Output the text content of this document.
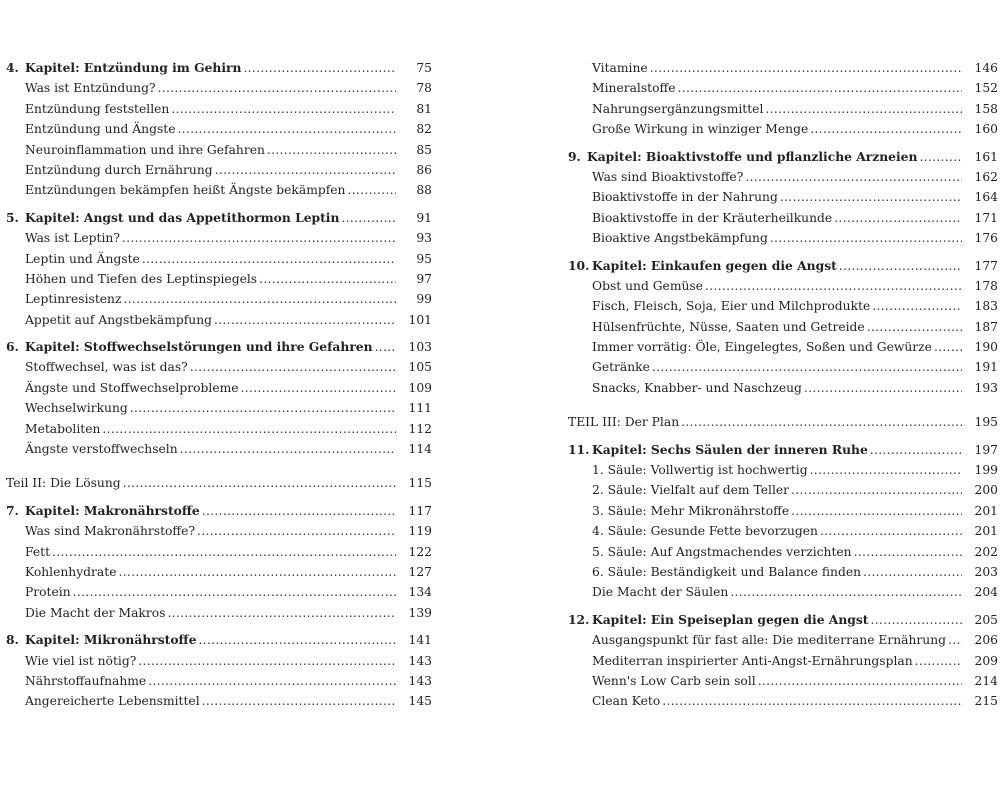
4. Kapitel: Entzündung im Gehirn . . .	75
Was ist Entzündung? . . .	78
Entzündung feststellen . . .	81
Entzündung und Ängste . . .	82
Neuroinflammation und ihre Gefahren . . .	85
Entzündung durch Ernährung . . .	86
Entzündungen bekämpfen heißt Ängste bekämpfen . . .	88
5. Kapitel: Angst und das Appetithormon Leptin . . .	91
Was ist Leptin? . . .	93
Leptin und Ängste . . .	95
Höhen und Tiefen des Leptinspiegels . . .	97
Leptinresistenz . . .	99
Appetit auf Angstbekämpfung . . .	101
6. Kapitel: Stoffwechselstörungen und ihre Gefahren . . .	103
Stoffwechsel, was ist das? . . .	105
Ängste und Stoffwechselprobleme . . .	109
Wechselwirkung . . .	111
Metaboliten . . .	112
Ängste verstoffwechseln . . .	114
Teil II: Die Lösung . . .	115
7. Kapitel: Makronährstoffe . . .	117
Was sind Makronährstoffe? . . .	119
Fett . . .	122
Kohlenhydrate . . .	127
Protein . . .	134
Die Macht der Makros . . .	139
8. Kapitel: Mikronährstoffe . . .	141
Wie viel ist nötig? . . .	143
Nährstoffaufnahme . . .	143
Angereicherte Lebensmittel . . .	145
Vitamine . . .	146
Mineralstoffe . . .	152
Nahrungsergänzungsmittel . . .	158
Große Wirkung in winziger Menge . . .	160
9. Kapitel: Bioaktivstoffe und pflanzliche Arzneien . . .	161
Was sind Bioaktivstoffe? . . .	162
Bioaktivstoffe in der Nahrung . . .	164
Bioaktivstoffe in der Kräuterheilkunde . . .	171
Bioaktive Angstbekämpfung . . .	176
10. Kapitel: Einkaufen gegen die Angst . . .	177
Obst und Gemüse . . .	178
Fisch, Fleisch, Soja, Eier und Milchprodukte . . .	183
Hülsenfrüchte, Nüsse, Saaten und Getreide . . .	187
Immer vorrätig: Öle, Eingelegtes, Soßen und Gewürze . . .	190
Getränke . . .	191
Snacks, Knabber- und Naschzeug . . .	193
TEIL III: Der Plan . . .	195
11. Kapitel: Sechs Säulen der inneren Ruhe . . .	197
1. Säule: Vollwertig ist hochwertig . . .	199
2. Säule: Vielfalt auf dem Teller . . .	200
3. Säule: Mehr Mikronährstoffe . . .	201
4. Säule: Gesunde Fette bevorzugen . . .	201
5. Säule: Auf Angstmachendes verzichten . . .	202
6. Säule: Beständigkeit und Balance finden . . .	203
Die Macht der Säulen . . .	204
12. Kapitel: Ein Speiseplan gegen die Angst . . .	205
Ausgangspunkt für fast alle: Die mediterrane Ernährung . . .	206
Mediterran inspirierter Anti-Angst-Ernährungsplan . . .	209
Wenn's Low Carb sein soll . . .	214
Clean Keto . . .	215
